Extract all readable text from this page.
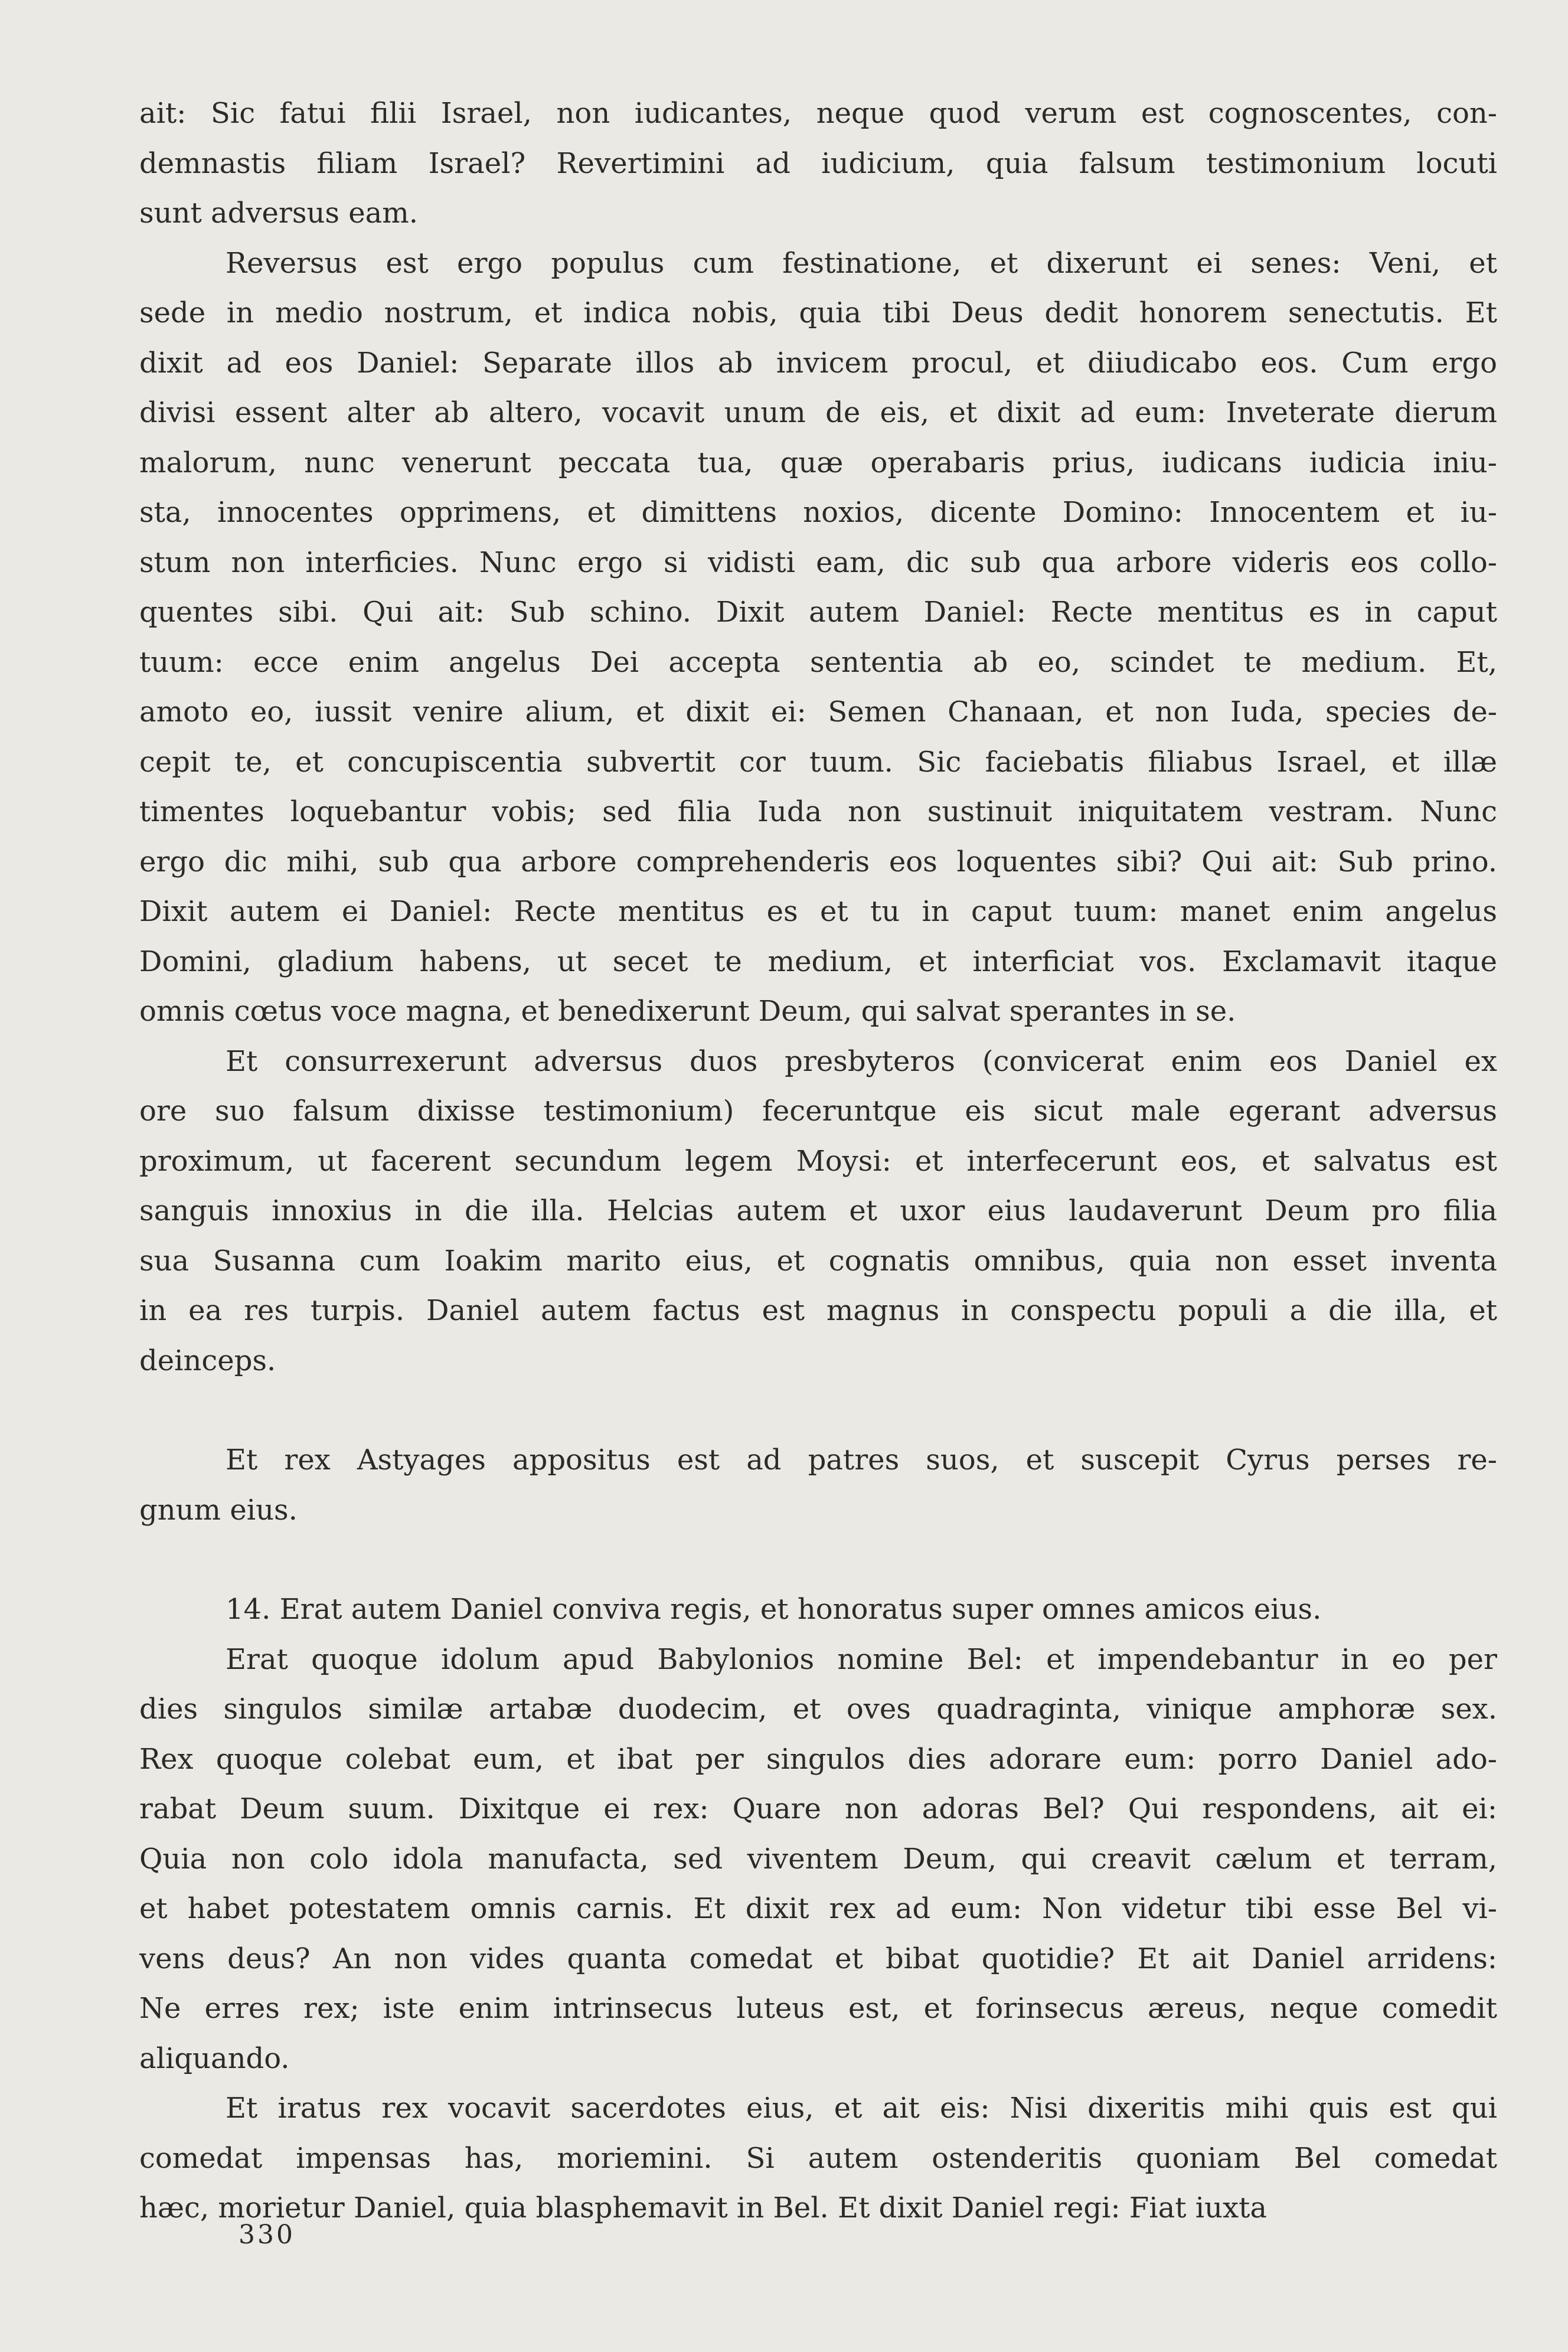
ait: Sic fatui filii Israel, non iudicantes, neque quod verum est cognoscentes, con-
demnastis filiam Israel? Revertimini ad iudicium, quia falsum testimonium locuti
sunt adversus eam.
Reversus est ergo populus cum festinatione, et dixerunt ei senes: Veni, et
sede in medio nostrum, et indica nobis, quia tibi Deus dedit honorem senectutis. Et
dixit ad eos Daniel: Separate illos ab invicem procul, et diiudicabo eos. Cum ergo
divisi essent alter ab altero, vocavit unum de eis, et dixit ad eum: Inveterate dierum
malorum, nunc venerunt peccata tua, quæ operabaris prius, iudicans iudicia iniu-
sta, innocentes opprimens, et dimittens noxios, dicente Domino: Innocentem et iu-
stum non interficies. Nunc ergo si vidisti eam, dic sub qua arbore videris eos collo-
quentes sibi. Qui ait: Sub schino. Dixit autem Daniel: Recte mentitus es in caput
tuum: ecce enim angelus Dei accepta sententia ab eo, scindet te medium. Et,
amoto eo, iussit venire alium, et dixit ei: Semen Chanaan, et non Iuda, species de-
cepit te, et concupiscentia subvertit cor tuum. Sic faciebatis filiabus Israel, et illæ
timentes loquebantur vobis; sed filia Iuda non sustinuit iniquitatem vestram. Nunc
ergo dic mihi, sub qua arbore comprehenderis eos loquentes sibi? Qui ait: Sub prino.
Dixit autem ei Daniel: Recte mentitus es et tu in caput tuum: manet enim angelus
Domini, gladium habens, ut secet te medium, et interficiat vos. Exclamavit itaque
omnis cœtus voce magna, et benedixerunt Deum, qui salvat sperantes in se.
Et consurrexerunt adversus duos presbyteros (convicerat enim eos Daniel ex
ore suo falsum dixisse testimonium) feceruntque eis sicut male egerant adversus
proximum, ut facerent secundum legem Moysi: et interfecerunt eos, et salvatus est
sanguis innoxius in die illa. Helcias autem et uxor eius laudaverunt Deum pro filia
sua Susanna cum Ioakim marito eius, et cognatis omnibus, quia non esset inventa
in ea res turpis. Daniel autem factus est magnus in conspectu populi a die illa, et
deinceps.
Et rex Astyages appositus est ad patres suos, et suscepit Cyrus perses re-
gnum eius.
14. Erat autem Daniel conviva regis, et honoratus super omnes amicos eius.
Erat quoque idolum apud Babylonios nomine Bel: et impendebantur in eo per
dies singulos similæ artabæ duodecim, et oves quadraginta, vinique amphoræ sex.
Rex quoque colebat eum, et ibat per singulos dies adorare eum: porro Daniel ado-
rabat Deum suum. Dixitque ei rex: Quare non adoras Bel? Qui respondens, ait ei:
Quia non colo idola manufacta, sed viventem Deum, qui creavit cælum et terram,
et habet potestatem omnis carnis. Et dixit rex ad eum: Non videtur tibi esse Bel vi-
vens deus? An non vides quanta comedat et bibat quotidie? Et ait Daniel arridens:
Ne erres rex; iste enim intrinsecus luteus est, et forinsecus æreus, neque comedit
aliquando.
Et iratus rex vocavit sacerdotes eius, et ait eis: Nisi dixeritis mihi quis est qui
comedat impensas has, moriemini. Si autem ostenderitis quoniam Bel comedat
hæc, morietur Daniel, quia blasphemavit in Bel. Et dixit Daniel regi: Fiat iuxta
330
